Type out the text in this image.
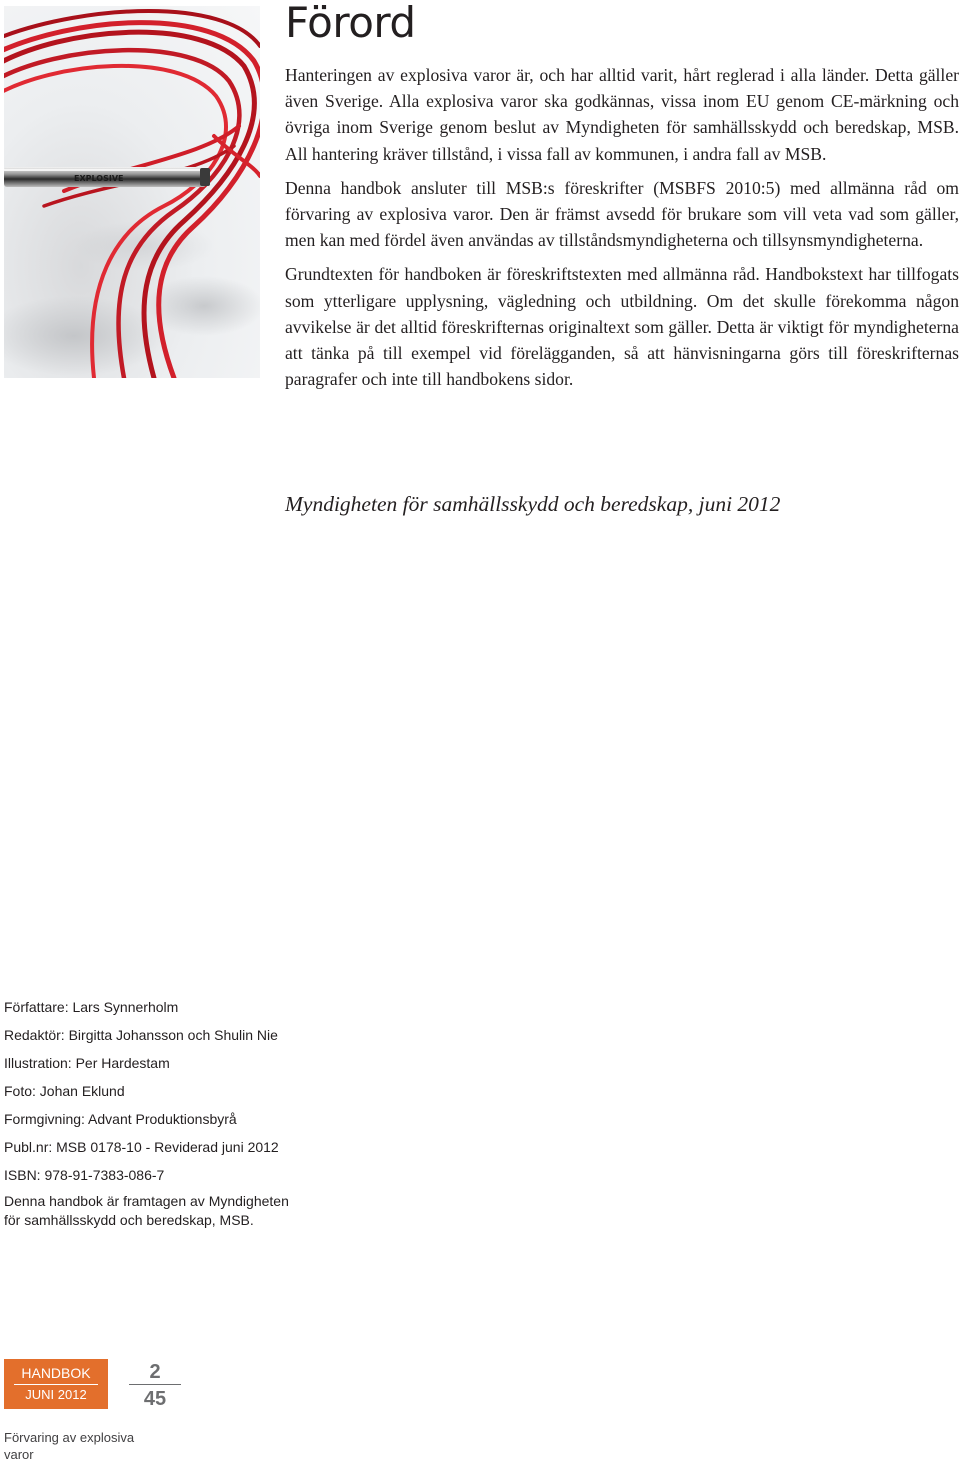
EXPLOSIVE
Förord

Hanteringen av explosiva varor är, och har alltid varit, hårt reglerad i alla länder. Detta gäller även Sverige. Alla explosiva varor ska godkännas, vissa inom EU genom CE-märkning och övriga inom Sverige genom beslut av Myndigheten för samhällsskydd och beredskap, MSB. All hantering kräver tillstånd, i vissa fall av kommunen, i andra fall av MSB.

Denna handbok ansluter till MSB:s föreskrifter (MSBFS 2010:5) med allmänna råd om förvaring av explosiva varor. Den är främst avsedd för brukare som vill veta vad som gäller, men kan med fördel även användas av tillståndsmyndigheterna och tillsynsmyndigheterna.

Grundtexten för handboken är föreskriftstexten med allmänna råd. Handbokstext har tillfogats som ytterligare upplysning, vägledning och utbildning. Om det skulle förekomma någon avvikelse är det alltid föreskrifternas originaltext som gäller. Detta är viktigt för myndigheterna att tänka på till exempel vid förelägganden, så att hänvisningarna görs till föreskrifternas paragrafer och inte till handbokens sidor.

Myndigheten för samhällsskydd och beredskap, juni 2012

Författare: Lars Synnerholm
Redaktör: Birgitta Johansson och Shulin Nie
Illustration: Per Hardestam
Foto: Johan Eklund
Formgivning: Advant Produktionsbyrå
Publ.nr: MSB 0178-10 - Reviderad juni 2012
ISBN: 978-91-7383-086-7
Denna handbok är framtagen av Myndigheten för samhällsskydd och beredskap, MSB.
HANDBOK
JUNI 2012
2
45
Förvaring av explosiva varor
